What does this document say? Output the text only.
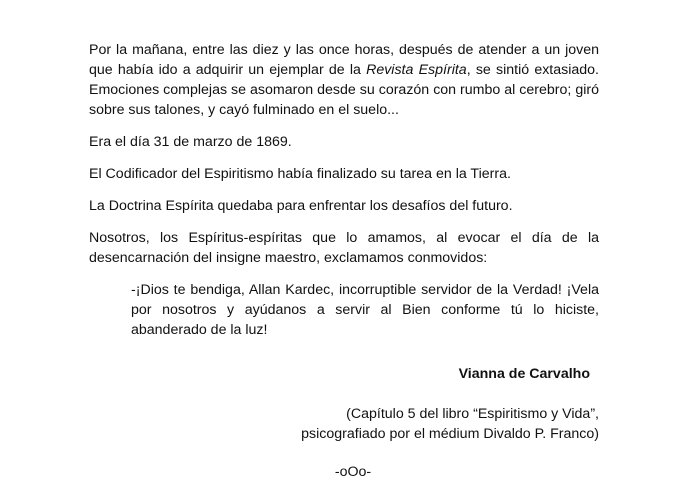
Por la mañana, entre las diez y las once horas, después de atender a un joven que había ido a adquirir un ejemplar de la Revista Espírita, se sintió extasiado. Emociones complejas se asomaron desde su corazón con rumbo al cerebro; giró sobre sus talones, y cayó fulminado en el suelo...

Era el día 31 de marzo de 1869.

El Codificador del Espiritismo había finalizado su tarea en la Tierra.

La Doctrina Espírita quedaba para enfrentar los desafíos del futuro.

Nosotros, los Espíritus-espíritas que lo amamos, al evocar el día de la desencarnación del insigne maestro, exclamamos conmovidos:

-¡Dios te bendiga, Allan Kardec, incorruptible servidor de la Verdad! ¡Vela por nosotros y ayúdanos a servir al Bien conforme tú lo hiciste, abanderado de la luz!

Vianna de Carvalho

(Capítulo 5 del libro “Espiritismo y Vida”,
psicografiado por el médium Divaldo P. Franco)

-oOo-
